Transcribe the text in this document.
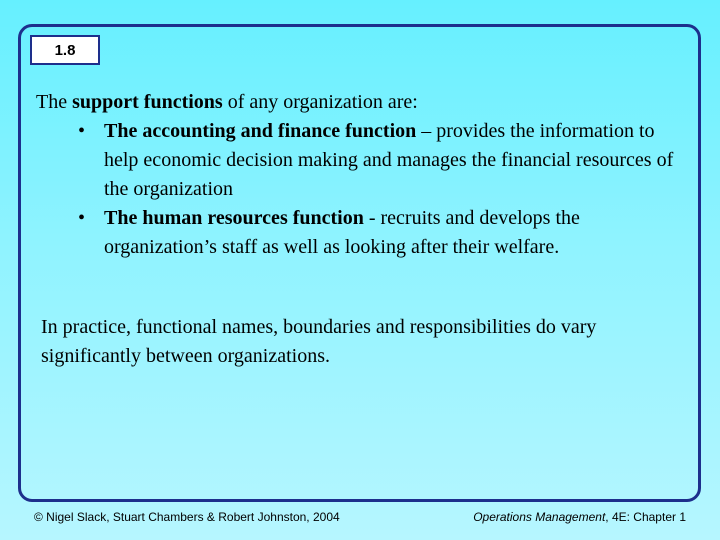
1.8
The support functions of any organization are:
• The accounting and finance function – provides the information to help economic decision making and manages the financial resources of the organization
• The human resources function - recruits and develops the organization’s staff as well as looking after their welfare.
In practice, functional names, boundaries and responsibilities do vary significantly between organizations.
© Nigel Slack, Stuart Chambers & Robert Johnston, 2004	Operations Management, 4E: Chapter 1
